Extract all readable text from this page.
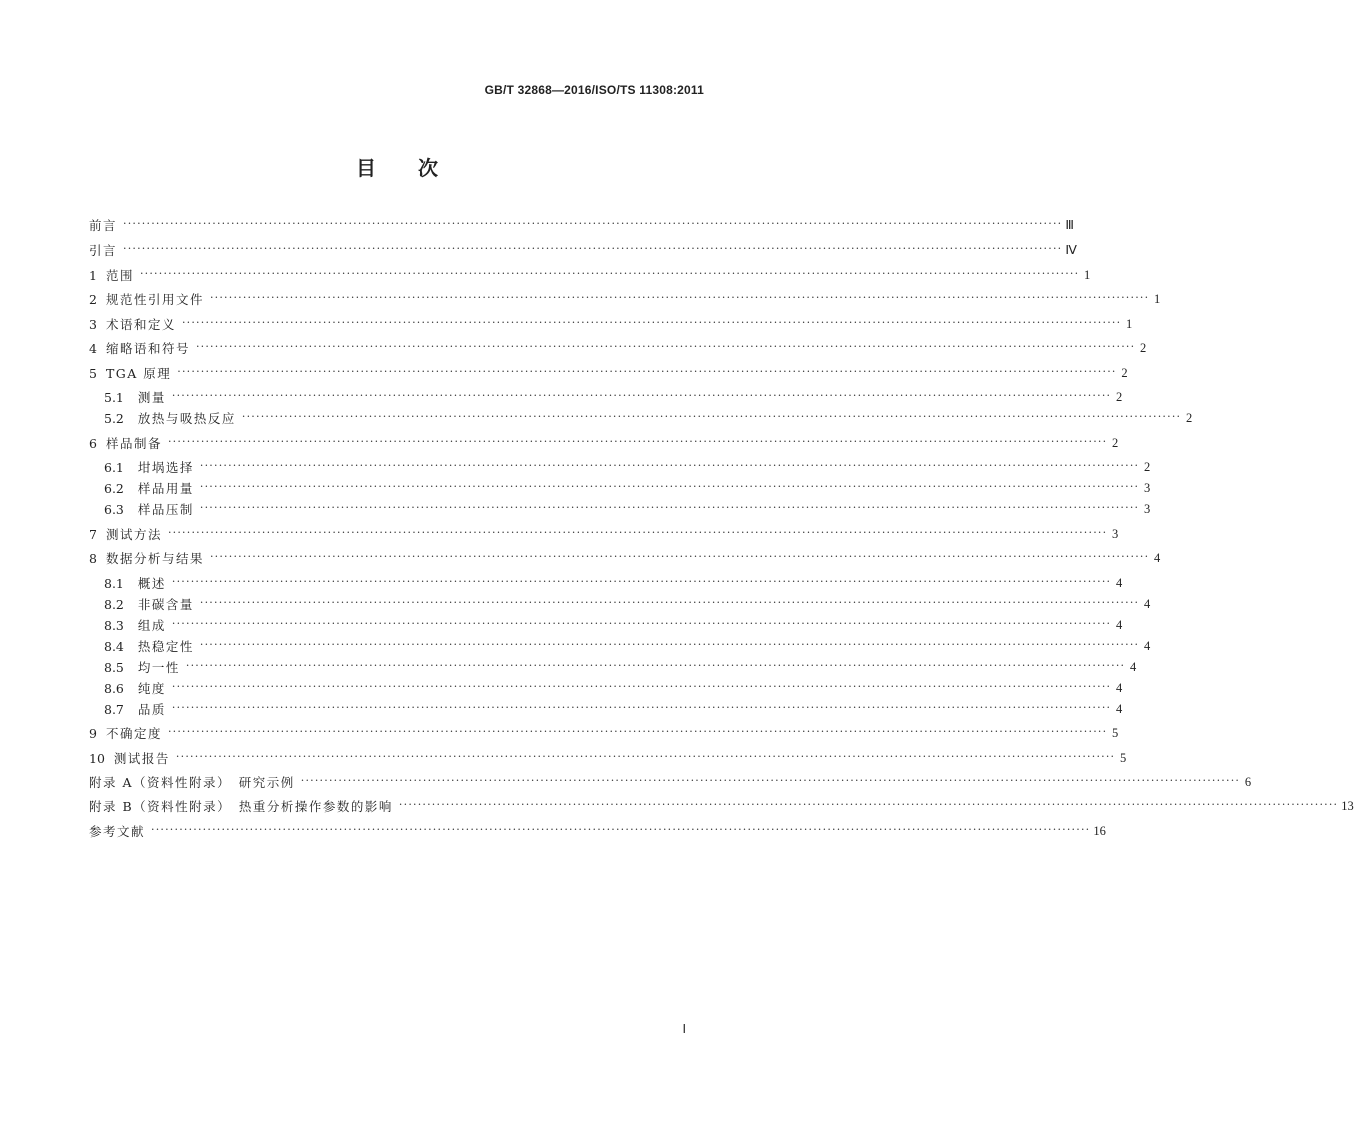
GB/T 32868—2016/ISO/TS 11308:2011
目 次
前言 ········································································································································································································ Ⅲ
引言 ········································································································································································································ Ⅳ
1 范围 ········································································································································································································ 1
2 规范性引用文件 ········································································································································································································ 1
3 术语和定义 ········································································································································································································ 1
4 缩略语和符号 ········································································································································································································ 2
5 TGA 原理 ········································································································································································································ 2
5.1 测量 ········································································································································································································ 2
5.2 放热与吸热反应 ········································································································································································································ 2
6 样品制备 ········································································································································································································ 2
6.1 坩埚选择 ········································································································································································································ 2
6.2 样品用量 ········································································································································································································ 3
6.3 样品压制 ········································································································································································································ 3
7 测试方法 ········································································································································································································ 3
8 数据分析与结果 ········································································································································································································ 4
8.1 概述 ········································································································································································································ 4
8.2 非碳含量 ········································································································································································································ 4
8.3 组成 ········································································································································································································ 4
8.4 热稳定性 ········································································································································································································ 4
8.5 均一性 ········································································································································································································ 4
8.6 纯度 ········································································································································································································ 4
8.7 品质 ········································································································································································································ 4
9 不确定度 ········································································································································································································ 5
10 测试报告 ········································································································································································································ 5
附录 A（资料性附录）　研究示例 ········································································································································································································ 6
附录 B（资料性附录）　热重分析操作参数的影响 ········································································································································································································ 13
参考文献 ········································································································································································································ 16
Ⅰ
